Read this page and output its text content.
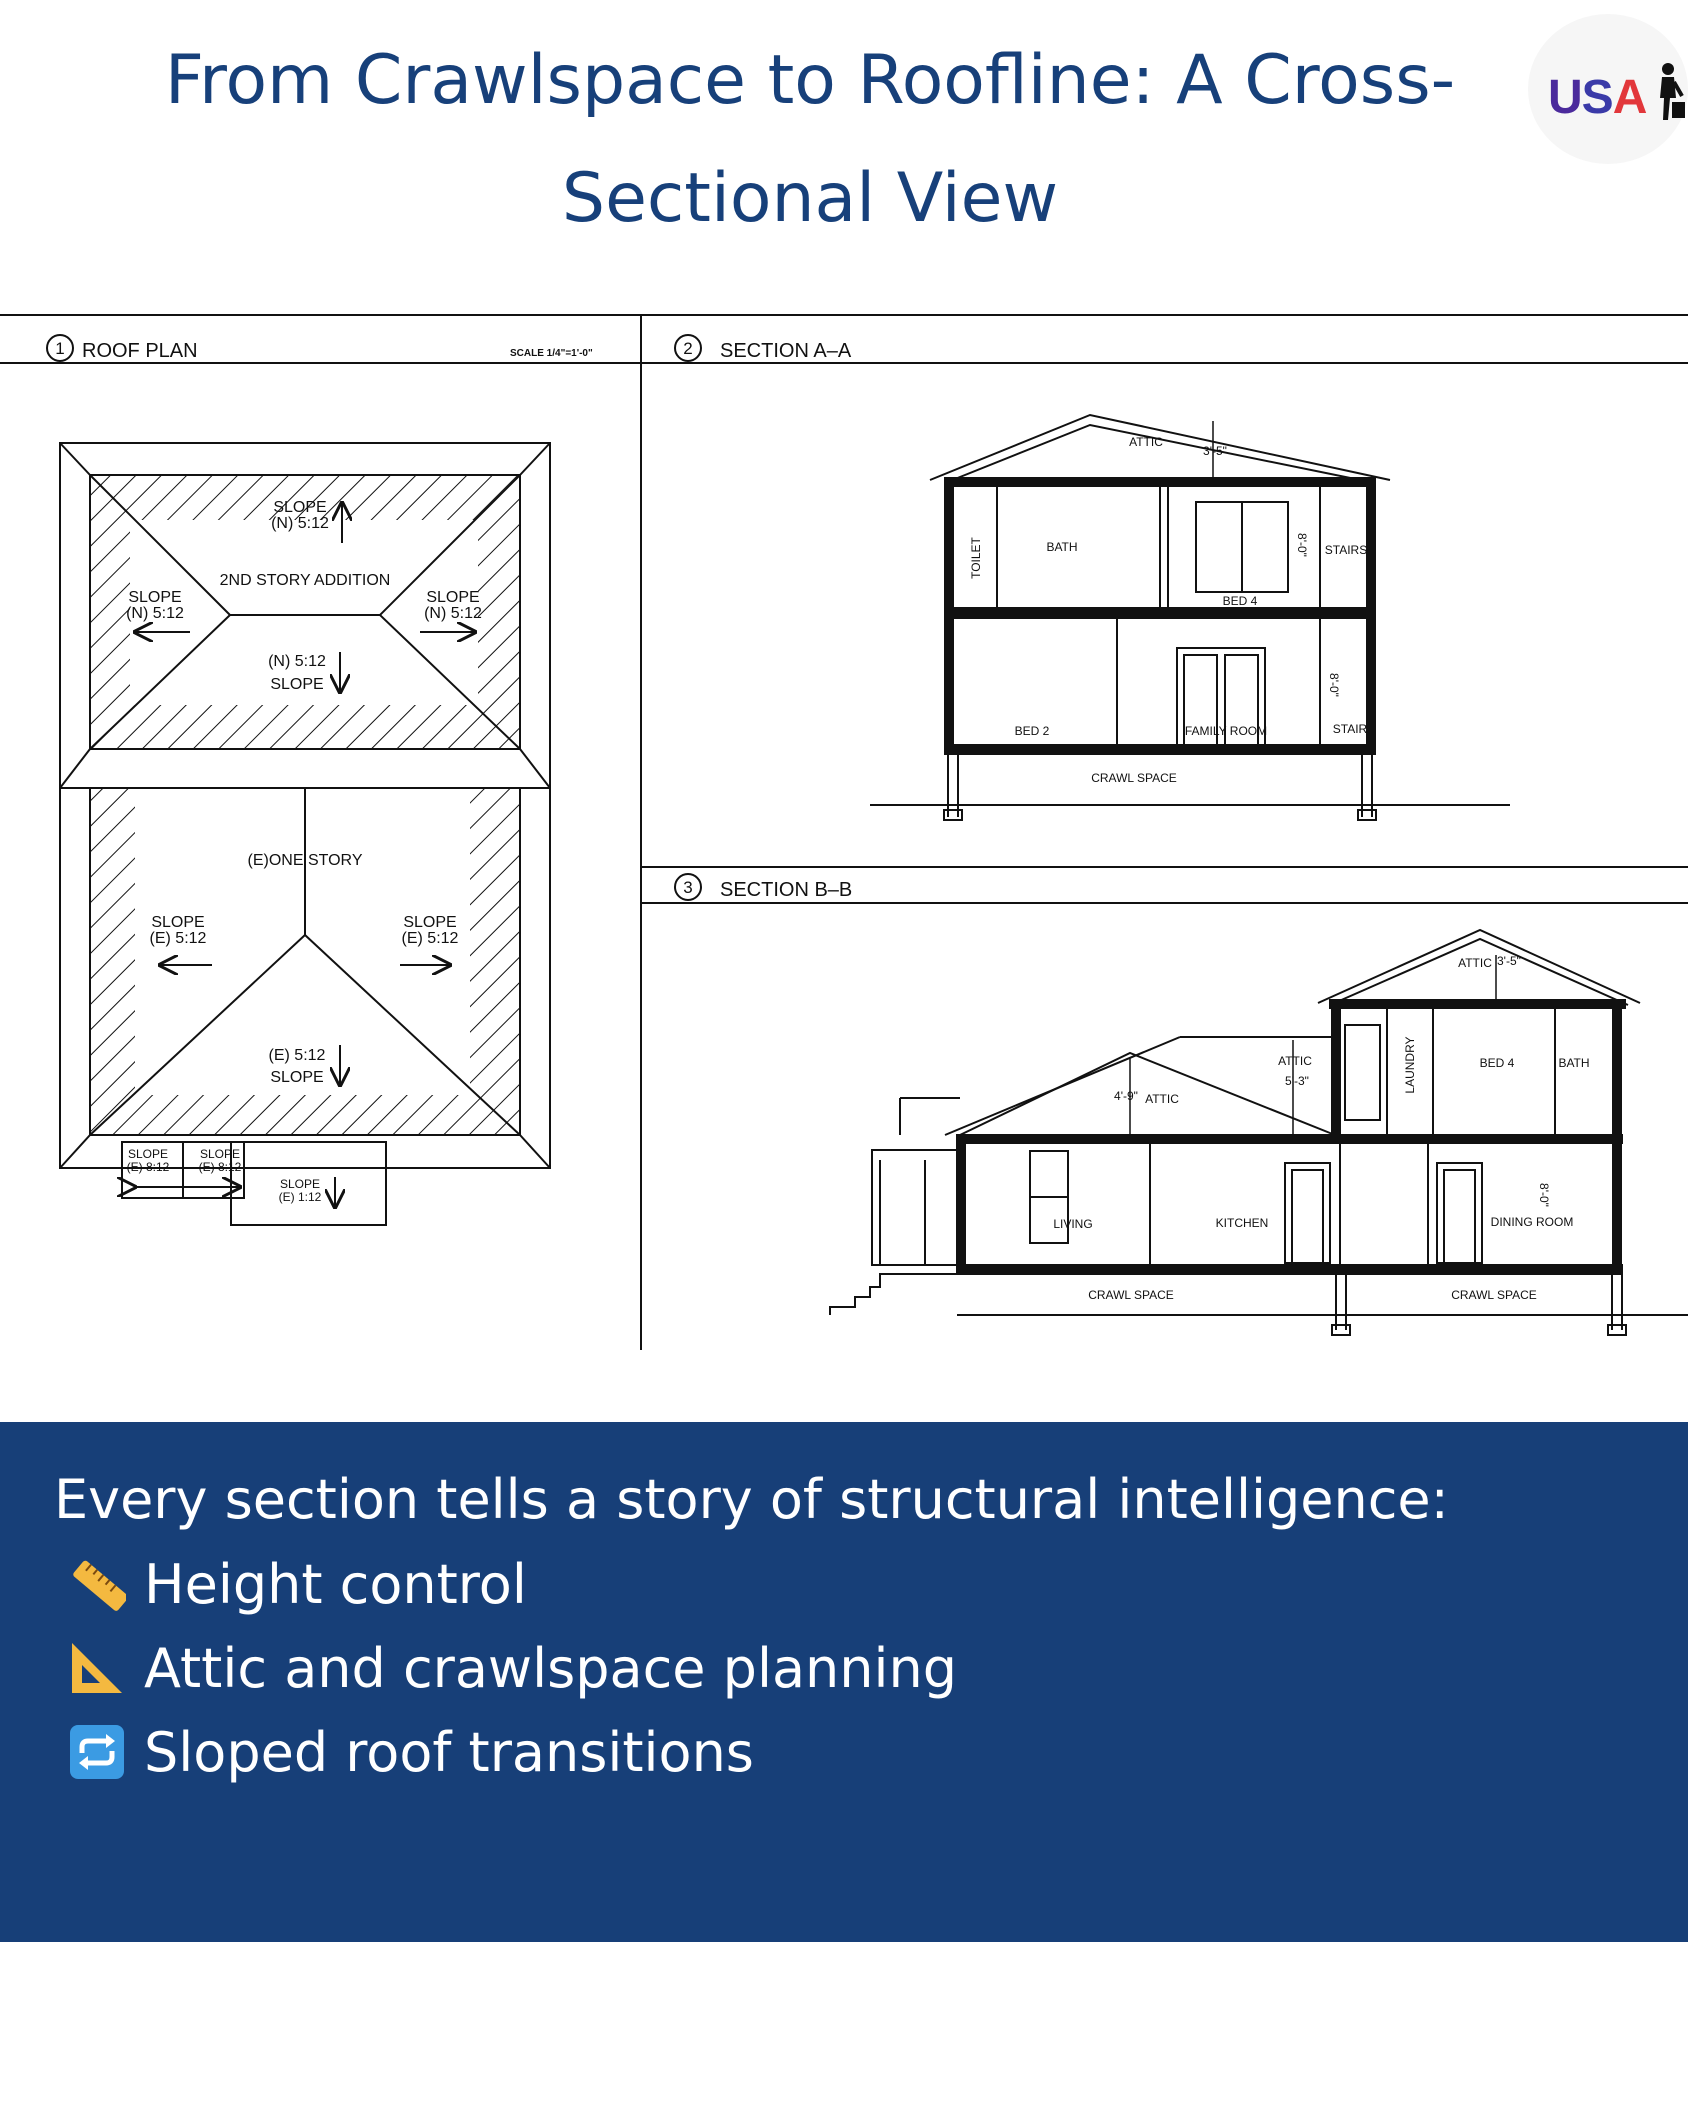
From Crawlspace to Roofline: A Cross-
Sectional View
USA
1 ROOF PLAN	SCALE 1/4"=1'-0"
SLOPE
(N) 5:12
2ND STORY ADDITION
SLOPE
(N) 5:12
SLOPE
(N) 5:12
(N) 5:12
SLOPE
(E)ONE STORY
SLOPE
(E) 5:12
SLOPE
(E) 5:12
(E) 5:12
SLOPE
SLOPE
(E) 8:12
SLOPE
(E) 8:12
SLOPE
(E) 1:12
2 SECTION A–A
ATTIC
3'-5"
TOILET	BATH
BED 4
STAIRS
8'-0"
BED 2	FAMILY ROOM	STAIR
8'-0"
CRAWL SPACE
3 SECTION B–B
ATTIC 3'-5"
LAUNDRY	BED 4	BATH
ATTIC
5'-3"
4'-9" ATTIC
LIVING	KITCHEN	DINING ROOM
8'-0"
CRAWL SPACE	CRAWL SPACE
Every section tells a story of structural intelligence:
Height control
Attic and crawlspace planning
Sloped roof transitions
